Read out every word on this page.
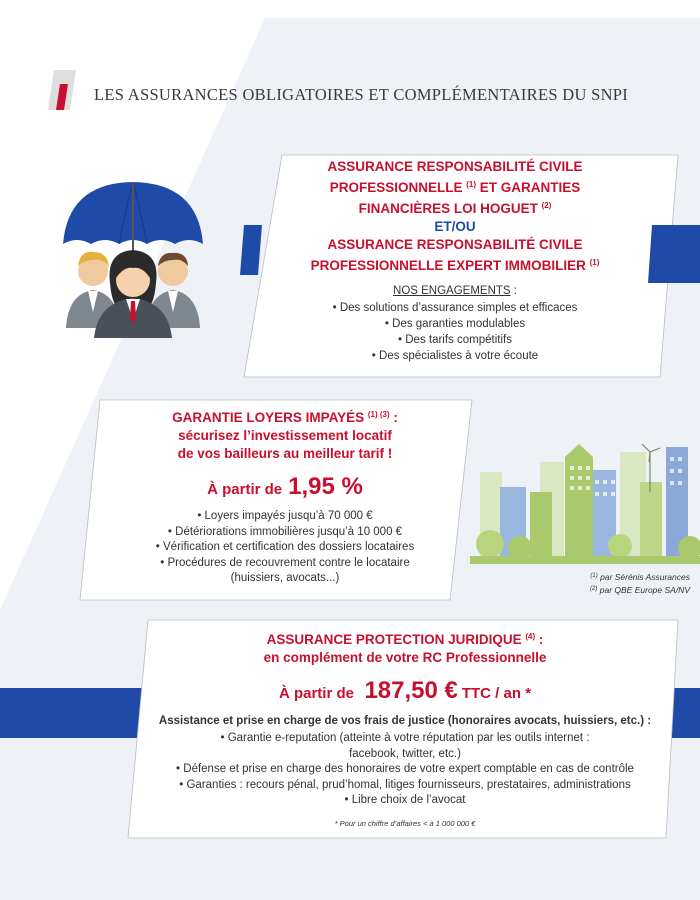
LES ASSURANCES OBLIGATOIRES ET COMPLÉMENTAIRES DU SNPI
ASSURANCE RESPONSABILITÉ CIVILE
PROFESSIONNELLE $^{(1)}$ ET GARANTIES
FINANCIÈRES LOI HOGUET $^{(2)}$
ET/OU
ASSURANCE RESPONSABILITÉ CIVILE
PROFESSIONNELLE EXPERT IMMOBILIER $^{(1)}$
NOS ENGAGEMENTS :
• Des solutions d’assurance simples et efficaces
• Des garanties modulables
• Des tarifs compétitifs
• Des spécialistes à votre écoute
GARANTIE LOYERS IMPAYÉS $^{(1) (3)}$ :
sécurisez l’investissement locatif
de vos bailleurs au meilleur tarif !
À partir de 1,95 %
• Loyers impayés jusqu’à 70 000 €
• Détériorations immobilières jusqu’à 10 000 €
• Vérification et certification des dossiers locataires
• Procédures de recouvrement contre le locataire
(huissiers, avocats...)	$^{(1)}$ par Sérénis Assurances
$^{(2)}$ par QBE Europe SA/NV
ASSURANCE PROTECTION JURIDIQUE $^{(4)}$ :
en complément de votre RC Professionnelle
À partir de 187,50 € TTC / an *
Assistance et prise en charge de vos frais de justice (honoraires avocats, huissiers, etc.) :
• Garantie e-reputation (atteinte à votre réputation par les outils internet :
facebook, twitter, etc.)
• Défense et prise en charge des honoraires de votre expert comptable en cas de contrôle
• Garanties : recours pénal, prud’homal, litiges fournisseurs, prestataires, administrations
• Libre choix de l’avocat
* Pour un chiffre d’affaires < à 1 000 000 €
